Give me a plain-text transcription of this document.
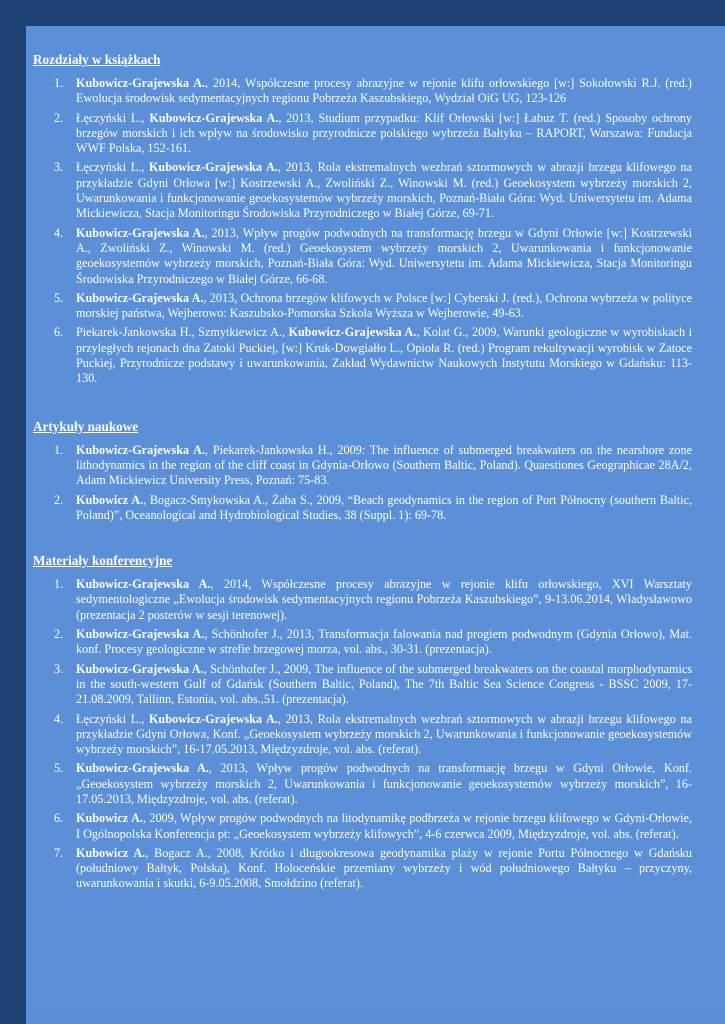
Rozdziały w książkach
1. Kubowicz-Grajewska A., 2014, Współczesne procesy abrazyjne w rejonie klifu orłowskiego [w:] Sokołowski R.J. (red.) Ewolucja środowisk sedymentacyjnych regionu Pobrzeża Kaszubskiego, Wydział OiG UG, 123-126
2. Łęczyński L., Kubowicz-Grajewska A., 2013, Studium przypadku: Klif Orłowski [w:] Łabuz T. (red.) Sposoby ochrony brzegów morskich i ich wpływ na środowisko przyrodnicze polskiego wybrzeża Bałtyku – RAPORT, Warszawa: Fundacja WWF Polska, 152-161.
3. Łęczyński L., Kubowicz-Grajewska A., 2013, Rola ekstremalnych wezbrań sztormowych w abrazji brzegu klifowego na przykładzie Gdyni Orłowa [w:] Kostrzewski A., Zwoliński Z., Winowski M. (red.) Geoekosystem wybrzeży morskich 2, Uwarunkowania i funkcjonowanie geoekosystemów wybrzeży morskich, Poznań-Biała Góra: Wyd. Uniwersytetu im. Adama Mickiewicza, Stacja Monitoringu Środowiska Przyrodniczego w Białej Górze, 69-71.
4. Kubowicz-Grajewska A., 2013, Wpływ progów podwodnych na transformację brzegu w Gdyni Orłowie [w:] Kostrzewski A., Zwoliński Z., Winowski M. (red.) Geoekosystem wybrzeży morskich 2, Uwarunkowania i funkcjonowanie geoekosystemów wybrzeży morskich, Poznań-Biała Góra: Wyd. Uniwersytetu im. Adama Mickiewicza, Stacja Monitoringu Środowiska Przyrodniczego w Białej Górze, 66-68.
5. Kubowicz-Grajewska A., 2013, Ochrona brzegów klifowych w Polsce [w:] Cyberski J. (red.), Ochrona wybrzeża w polityce morskiej państwa, Wejherowo: Kaszubsko-Pomorska Szkoła Wyższa w Wejherowie, 49-63.
6. Piekarek-Jankowska H., Szmytkiewicz A., Kubowicz-Grajewska A., Kolat G., 2009, Warunki geologiczne w wyrobiskach i przyległych rejonach dna Zatoki Puckiej, [w:] Kruk-Dowgiałło L., Opioła R. (red.) Program rekultywacji wyrobisk w Zatoce Puckiej, Przyrodnicze podstawy i uwarunkowania, Zakład Wydawnictw Naukowych Instytutu Morskiego w Gdańsku: 113-130.
Artykuły naukowe
1. Kubowicz-Grajewska A., Piekarek-Jankowska H., 2009: The influence of submerged breakwaters on the nearshore zone lithodynamics in the region of the cliff coast in Gdynia-Orłowo (Southern Baltic, Poland). Quaestiones Geographicae 28A/2, Adam Mickiewicz University Press, Poznań: 75-83.
2. Kubowicz A., Bogacz-Smykowska A., Żaba S., 2009, “Beach geodynamics in the region of Port Północny (southern Baltic, Poland)”, Oceanological and Hydrobiological Studies, 38 (Suppl. 1): 69-78.
Materiały konferencyjne
1. Kubowicz-Grajewska A., 2014, Współczesne procesy abrazyjne w rejonie klifu orłowskiego, XVI Warsztaty sedymentologiczne „Ewolucja środowisk sedymentacyjnych regionu Pobrzeża Kaszubskiego”, 9-13.06.2014, Władysławowo (prezentacja 2 posterów w sesji terenowej).
2. Kubowicz-Grajewska A., Schönhofer J., 2013, Transformacja falowania nad progiem podwodnym (Gdynia Orłowo), Mat. konf. Procesy geologiczne w strefie brzegowej morza, vol. abs., 30-31. (prezentacja).
3. Kubowicz-Grajewska A., Schönhofer J., 2009, The influence of the submerged breakwaters on the coastal morphodynamics in the south-western Gulf of Gdańsk (Southern Baltic, Poland), The 7th Baltic Sea Science Congress - BSSC 2009, 17-21.08.2009, Tallinn, Estonia, vol. abs.,51. (prezentacja).
4. Łęczyński L., Kubowicz-Grajewska A., 2013, Rola ekstremalnych wezbrań sztormowych w abrazji brzegu klifowego na przykładzie Gdyni Orłowa, Konf. „Geoekosystem wybrzeży morskich 2, Uwarunkowania i funkcjonowanie geoekosystemów wybrzeży morskich”, 16-17.05.2013, Międzyzdroje, vol. abs. (referat).
5. Kubowicz-Grajewska A., 2013, Wpływ progów podwodnych na transformację brzegu w Gdyni Orłowie, Konf. „Geoekosystem wybrzeży morskich 2, Uwarunkowania i funkcjonowanie geoekosystemów wybrzeży morskich”, 16-17.05.2013, Międzyzdroje, vol. abs. (referat).
6. Kubowicz A., 2009, Wpływ progów podwodnych na litodynamikę podbrzeża w rejonie brzegu klifowego w Gdyni-Orłowie, I Ogólnopolska Konferencja pt: „Geoekosystem wybrzeży klifowych”, 4-6 czerwca 2009, Międzyzdroje, vol. abs. (referat).
7. Kubowicz A., Bogacz A., 2008, Krótko i długookresowa geodynamika plaży w rejonie Portu Północnego w Gdańsku (południowy Bałtyk, Polska), Konf. Holoceńskie przemiany wybrzeży i wód południowego Bałtyku – przyczyny, uwarunkowania i skutki, 6-9.05.2008, Smołdzino (referat).
